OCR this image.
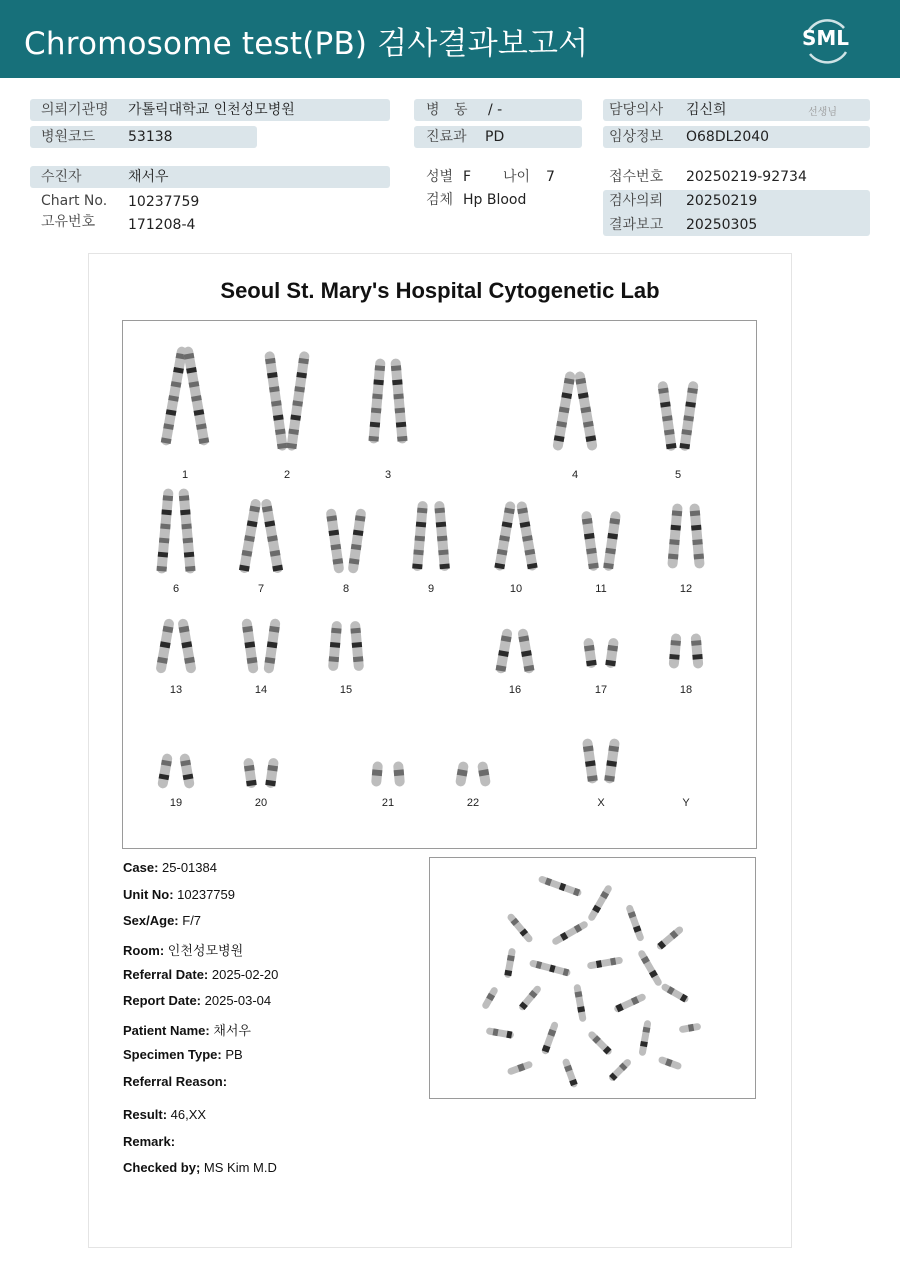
Chromosome test(PB) 검사결과보고서	SML
의뢰기관명 가톨릭대학교 인천성모병원
병원코드 53138
병 동 / -
진료과 PD
담당의사 김신희	선생님
임상정보 O68DL2040
수진자	채서우
Chart No. 10237759
고유번호 171208-4
성별 F 나이 7
검체 Hp Blood
접수번호 20250219-92734
검사의뢰 20250219
결과보고 20250305
Seoul St. Mary's Hospital Cytogenetic Lab
1	2	3	4	5
6	7	8	9	10	11	12
13	14	15	16	17	18
19	20	21	22	X	Y
Case: 25-01384
Unit No: 10237759
Sex/Age: F/7
Room: 인천성모병원
Referral Date: 2025-02-20
Report Date: 2025-03-04
Patient Name: 채서우
Specimen Type: PB
Referral Reason:
Result: 46,XX
Remark:
Checked by; MS Kim M.D
